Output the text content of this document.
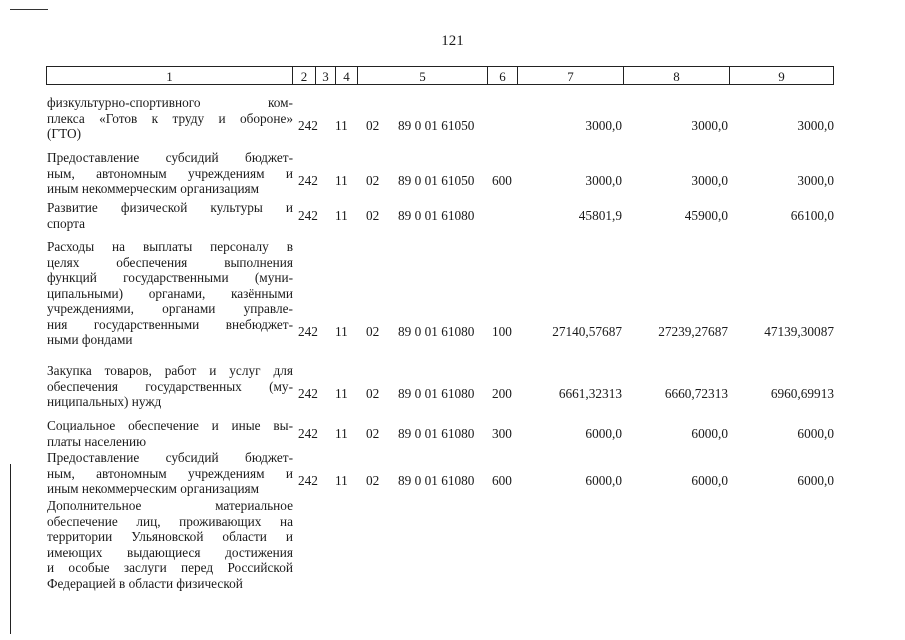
121
1	2	3	4	5	6	7	8	9
физкультурно-спортивного ком-
плекса «Готов к труду и обороне»
(ГТО)
242 11 02 89 0 01 61050	3000,0	3000,0	3000,0
Предоставление субсидий бюджет-
ным, автономным учреждениям и
иным некоммерческим организациям
242 11 02 89 0 01 61050 600	3000,0	3000,0	3000,0
Развитие физической культуры и
спорта
242 11 02 89 0 01 61080	45801,9	45900,0	66100,0
Расходы на выплаты персоналу в
целях обеспечения выполнения
функций государственными (муни-
ципальными) органами, казёнными
учреждениями, органами управле-
ния государственными внебюджет-
ными фондами
242 11 02 89 0 01 61080 100	27140,57687	27239,27687	47139,30087
Закупка товаров, работ и услуг для
обеспечения государственных (му-
ниципальных) нужд
242 11 02 89 0 01 61080 200	6661,32313	6660,72313	6960,69913
Социальное обеспечение и иные вы-
платы населению
242 11 02 89 0 01 61080 300	6000,0	6000,0	6000,0
Предоставление субсидий бюджет-
ным, автономным учреждениям и
иным некоммерческим организациям
242 11 02 89 0 01 61080 600	6000,0	6000,0	6000,0
Дополнительное материальное
обеспечение лиц, проживающих на
территории Ульяновской области и
имеющих выдающиеся достижения
и особые заслуги перед Российской
Федерацией в области физической
